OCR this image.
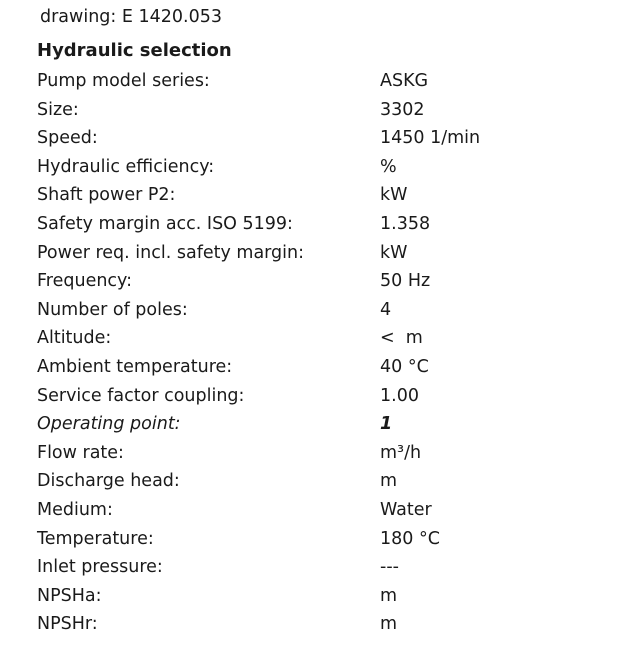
drawing: E 1420.053
Hydraulic selection
Pump model series:	ASKG
Size:	3302
Speed:	1450 1/min
Hydraulic efficiency:	%
Shaft power P2:	kW
Safety margin acc. ISO 5199:	1.358
Power req. incl. safety margin:	kW
Frequency:	50 Hz
Number of poles:	4
Altitude:	<  m
Ambient temperature:	40 °C
Service factor coupling:	1.00
Operating point:	1
Flow rate:	m³/h
Discharge head:	m
Medium:	Water
Temperature:	180 °C
Inlet pressure:	---
NPSHa:	m
NPSHr:	m
